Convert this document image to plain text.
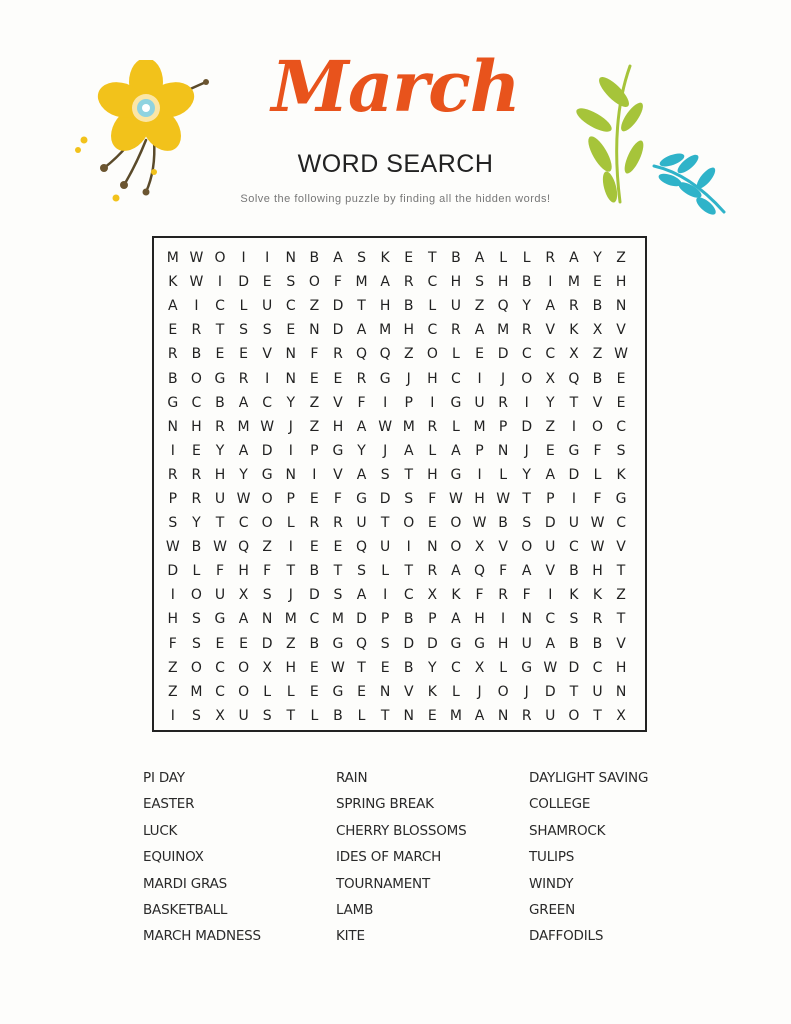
March
WORD SEARCH
Solve the following puzzle by finding all the hidden words!
M W O	I	I	N B	A	S	K	E	T	B	A	L	L	R A	Y	Z
K W	I	D E	S O	F M A R C H S H B	I	M E H
A	I	C	L	U C Z D T	H B	L	U Z Q Y	A R B N
E	R	T	S	S	E N D A M H C R A M R V	K	X	V
R B	E	E	V N	F	R Q Q Z O	L	E D C C X	Z W
B O G R	I	N E	E	R G	J	H C	I	J	O X Q B	E
G C B	A C	Y	Z	V	F	I	P	I	G U R	I	Y	T	V	E
N H R M W	J	Z H A W M R	L M P D Z	I	O C
I	E	Y	A D	I	P G Y	J	A	L	A	P	N	J	E G	F	S
R R H	Y G N	I	V	A	S	T	H G	I	L	Y	A D	L	K
P	R U W O P	E	F	G D S	F W H W T	P	I	F	G
S	Y	T	C O	L	R R U	T O E O W B	S D U W C
W B W Q Z	I	E	E Q U	I	N O X	V O U C W V
D	L	F	H	F	T	B	T	S	L	T	R A Q	F	A	V	B H	T
I	O U X	S	J	D S	A	I	C X	K	F	R	F	I	K	K	Z
H S G A N M C M D P	B	P	A H	I	N C	S	R	T
F	S	E	E D Z B G Q S D D G G H U A	B B	V
Z O C O X H E W T	E	B	Y	C X	L	G W D C H
Z M C O	L	L	E G E N V	K	L	J	O	J	D T	U N
I	S	X U	S	T	L	B	L	T	N E M A N R U O T	X
PI DAY
EASTER
LUCK
EQUINOX
MARDI GRAS
BASKETBALL
MARCH MADNESS
RAIN
SPRING BREAK
CHERRY BLOSSOMS
IDES OF MARCH
TOURNAMENT
LAMB
KITE
DAYLIGHT SAVING
COLLEGE
SHAMROCK
TULIPS
WINDY
GREEN
DAFFODILS
